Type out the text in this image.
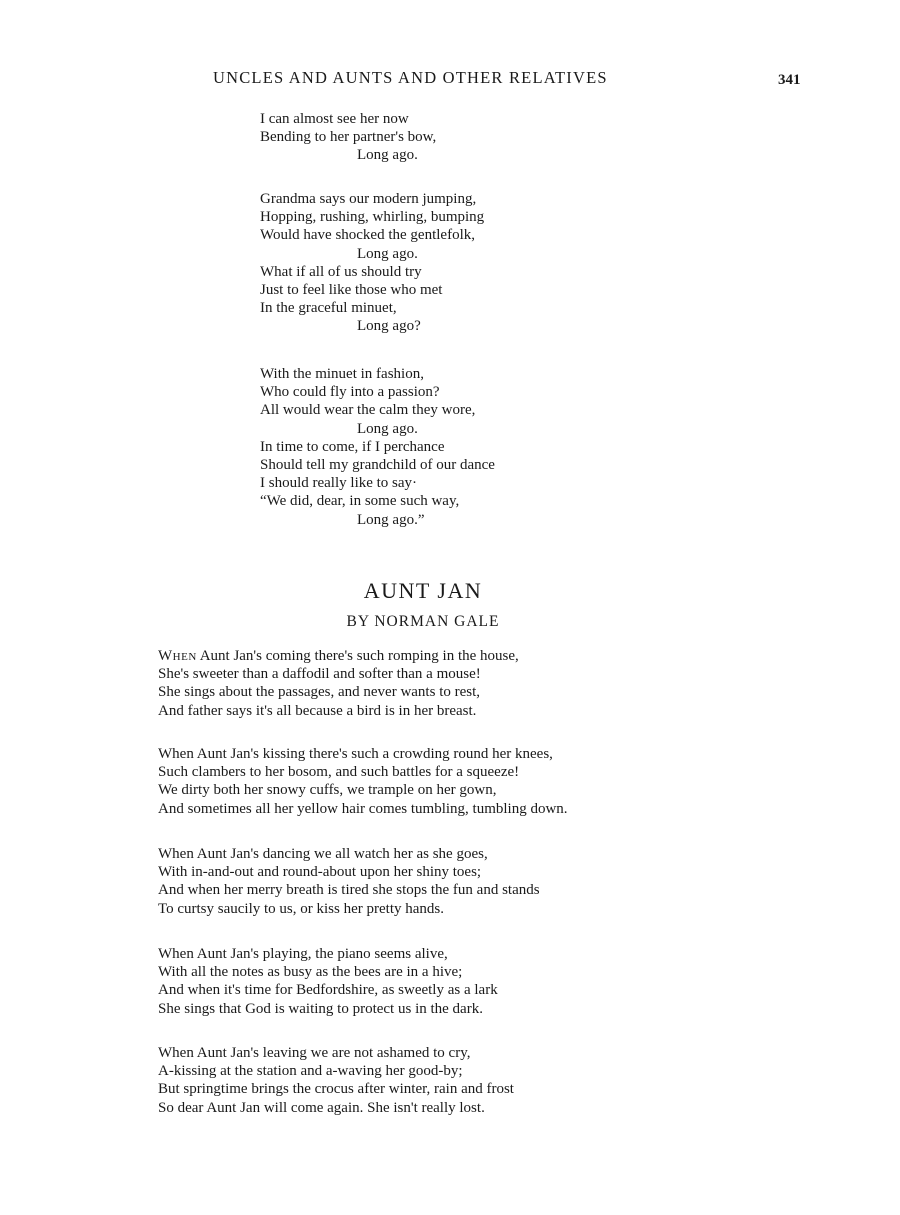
UNCLES AND AUNTS AND OTHER RELATIVES	341
I can almost see her now
Bending to her partner's bow,
Long ago.
Grandma says our modern jumping,
Hopping, rushing, whirling, bumping
Would have shocked the gentlefolk,
Long ago.
What if all of us should try
Just to feel like those who met
In the graceful minuet,
Long ago?
With the minuet in fashion,
Who could fly into a passion?
All would wear the calm they wore,
Long ago.
In time to come, if I perchance
Should tell my grandchild of our dance
I should really like to say·
“We did, dear, in some such way,
Long ago.”
AUNT JAN
BY NORMAN GALE
When Aunt Jan's coming there's such romping in the house,
She's sweeter than a daffodil and softer than a mouse!
She sings about the passages, and never wants to rest,
And father says it's all because a bird is in her breast.
When Aunt Jan's kissing there's such a crowding round her knees,
Such clambers to her bosom, and such battles for a squeeze!
We dirty both her snowy cuffs, we trample on her gown,
And sometimes all her yellow hair comes tumbling, tumbling down.
When Aunt Jan's dancing we all watch her as she goes,
With in-and-out and round-about upon her shiny toes;
And when her merry breath is tired she stops the fun and stands
To curtsy saucily to us, or kiss her pretty hands.
When Aunt Jan's playing, the piano seems alive,
With all the notes as busy as the bees are in a hive;
And when it's time for Bedfordshire, as sweetly as a lark
She sings that God is waiting to protect us in the dark.
When Aunt Jan's leaving we are not ashamed to cry,
A-kissing at the station and a-waving her good-by;
But springtime brings the crocus after winter, rain and frost
So dear Aunt Jan will come again. She isn't really lost.
